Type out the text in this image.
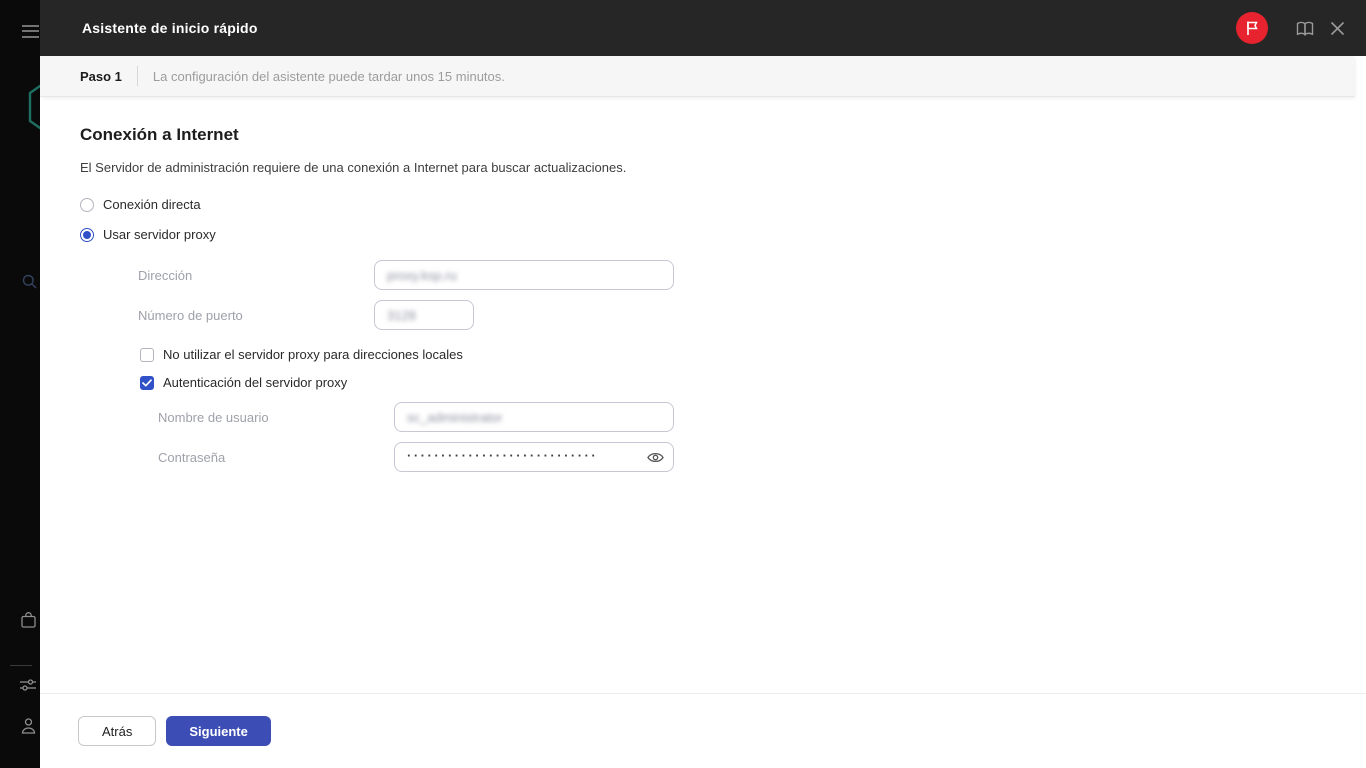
Asistente de inicio rápido
Paso 1 La configuración del asistente puede tardar unos 15 minutos.
Conexión a Internet

El Servidor de administración requiere de una conexión a Internet para buscar actualizaciones.

Conexión directa
Usar servidor proxy
Dirección	proxy.ksp.ru
Número de puerto	3128
No utilizar el servidor proxy para direcciones locales
Autenticación del servidor proxy
Nombre de usuario	sc_administrator
Contraseña	····························
Atrás	Siguiente
